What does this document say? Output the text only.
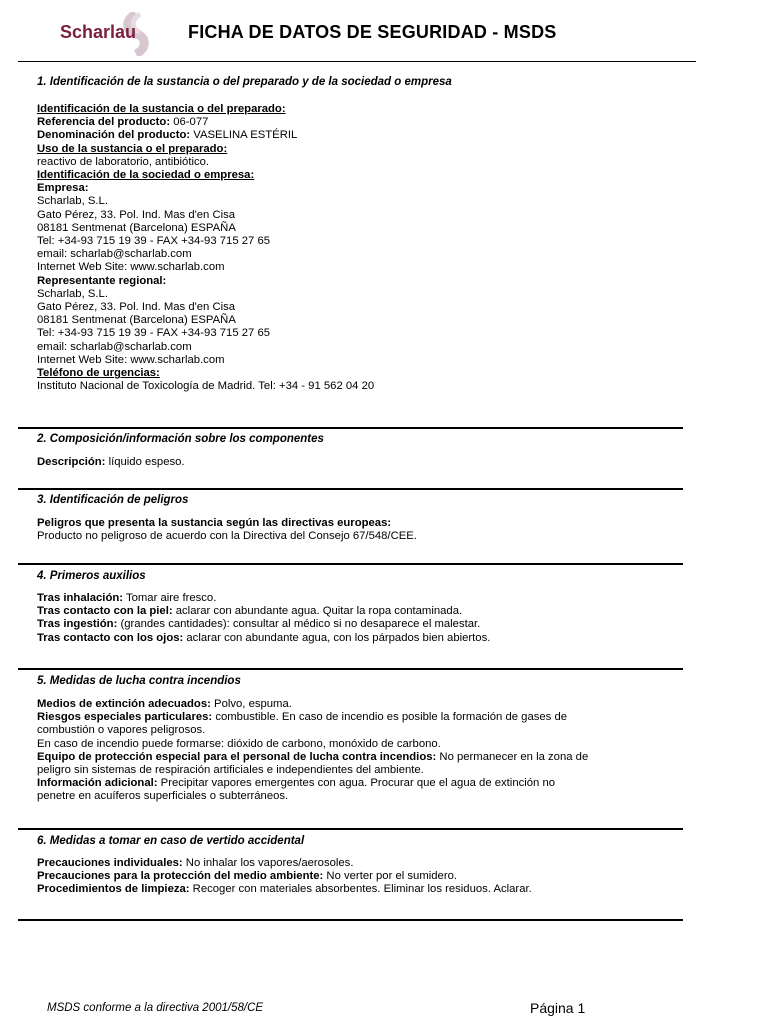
Scharlau	FICHA DE DATOS DE SEGURIDAD - MSDS
1. Identificación de la sustancia o del preparado y de la sociedad o empresa
Identificación de la sustancia o del preparado:
Referencia del producto: 06-077
Denominación del producto: VASELINA ESTÉRIL
Uso de la sustancia o el preparado:
reactivo de laboratorio, antibiótico.
Identificación de la sociedad o empresa:
Empresa:
Scharlab, S.L.
Gato Pérez, 33. Pol. Ind. Mas d'en Cisa
08181 Sentmenat (Barcelona) ESPAÑA
Tel: +34-93 715 19 39 - FAX +34-93 715 27 65
email: scharlab@scharlab.com
Internet Web Site: www.scharlab.com
Representante regional:
Scharlab, S.L.
Gato Pérez, 33. Pol. Ind. Mas d'en Cisa
08181 Sentmenat (Barcelona) ESPAÑA
Tel: +34-93 715 19 39 - FAX +34-93 715 27 65
email: scharlab@scharlab.com
Internet Web Site: www.scharlab.com
Teléfono de urgencias:
Instituto Nacional de Toxicología de Madrid. Tel: +34 - 91 562 04 20
2. Composición/información sobre los componentes
Descripción: líquido espeso.
3. Identificación de peligros
Peligros que presenta la sustancia según las directivas europeas:
Producto no peligroso de acuerdo con la Directiva del Consejo 67/548/CEE.
4. Primeros auxilios
Tras inhalación: Tomar aire fresco.
Tras contacto con la piel: aclarar con abundante agua. Quitar la ropa contaminada.
Tras ingestión: (grandes cantidades): consultar al médico si no desaparece el malestar.
Tras contacto con los ojos: aclarar con abundante agua, con los párpados bien abiertos.
5. Medidas de lucha contra incendios
Medios de extinción adecuados: Polvo, espuma.
Riesgos especiales particulares: combustible. En caso de incendio es posible la formación de gases de
combustión o vapores peligrosos.
En caso de incendio puede formarse: dióxido de carbono, monóxido de carbono.
Equipo de protección especial para el personal de lucha contra incendios: No permanecer en la zona de
peligro sin sistemas de respiración artificiales e independientes del ambiente.
Información adicional: Precipitar vapores emergentes con agua. Procurar que el agua de extinción no
penetre en acuíferos superficiales o subterráneos.
6. Medidas a tomar en caso de vertido accidental
Precauciones individuales: No inhalar los vapores/aerosoles.
Precauciones para la protección del medio ambiente: No verter por el sumidero.
Procedimientos de limpieza: Recoger con materiales absorbentes. Eliminar los residuos. Aclarar.
MSDS conforme a la directiva 2001/58/CE	Página 1
